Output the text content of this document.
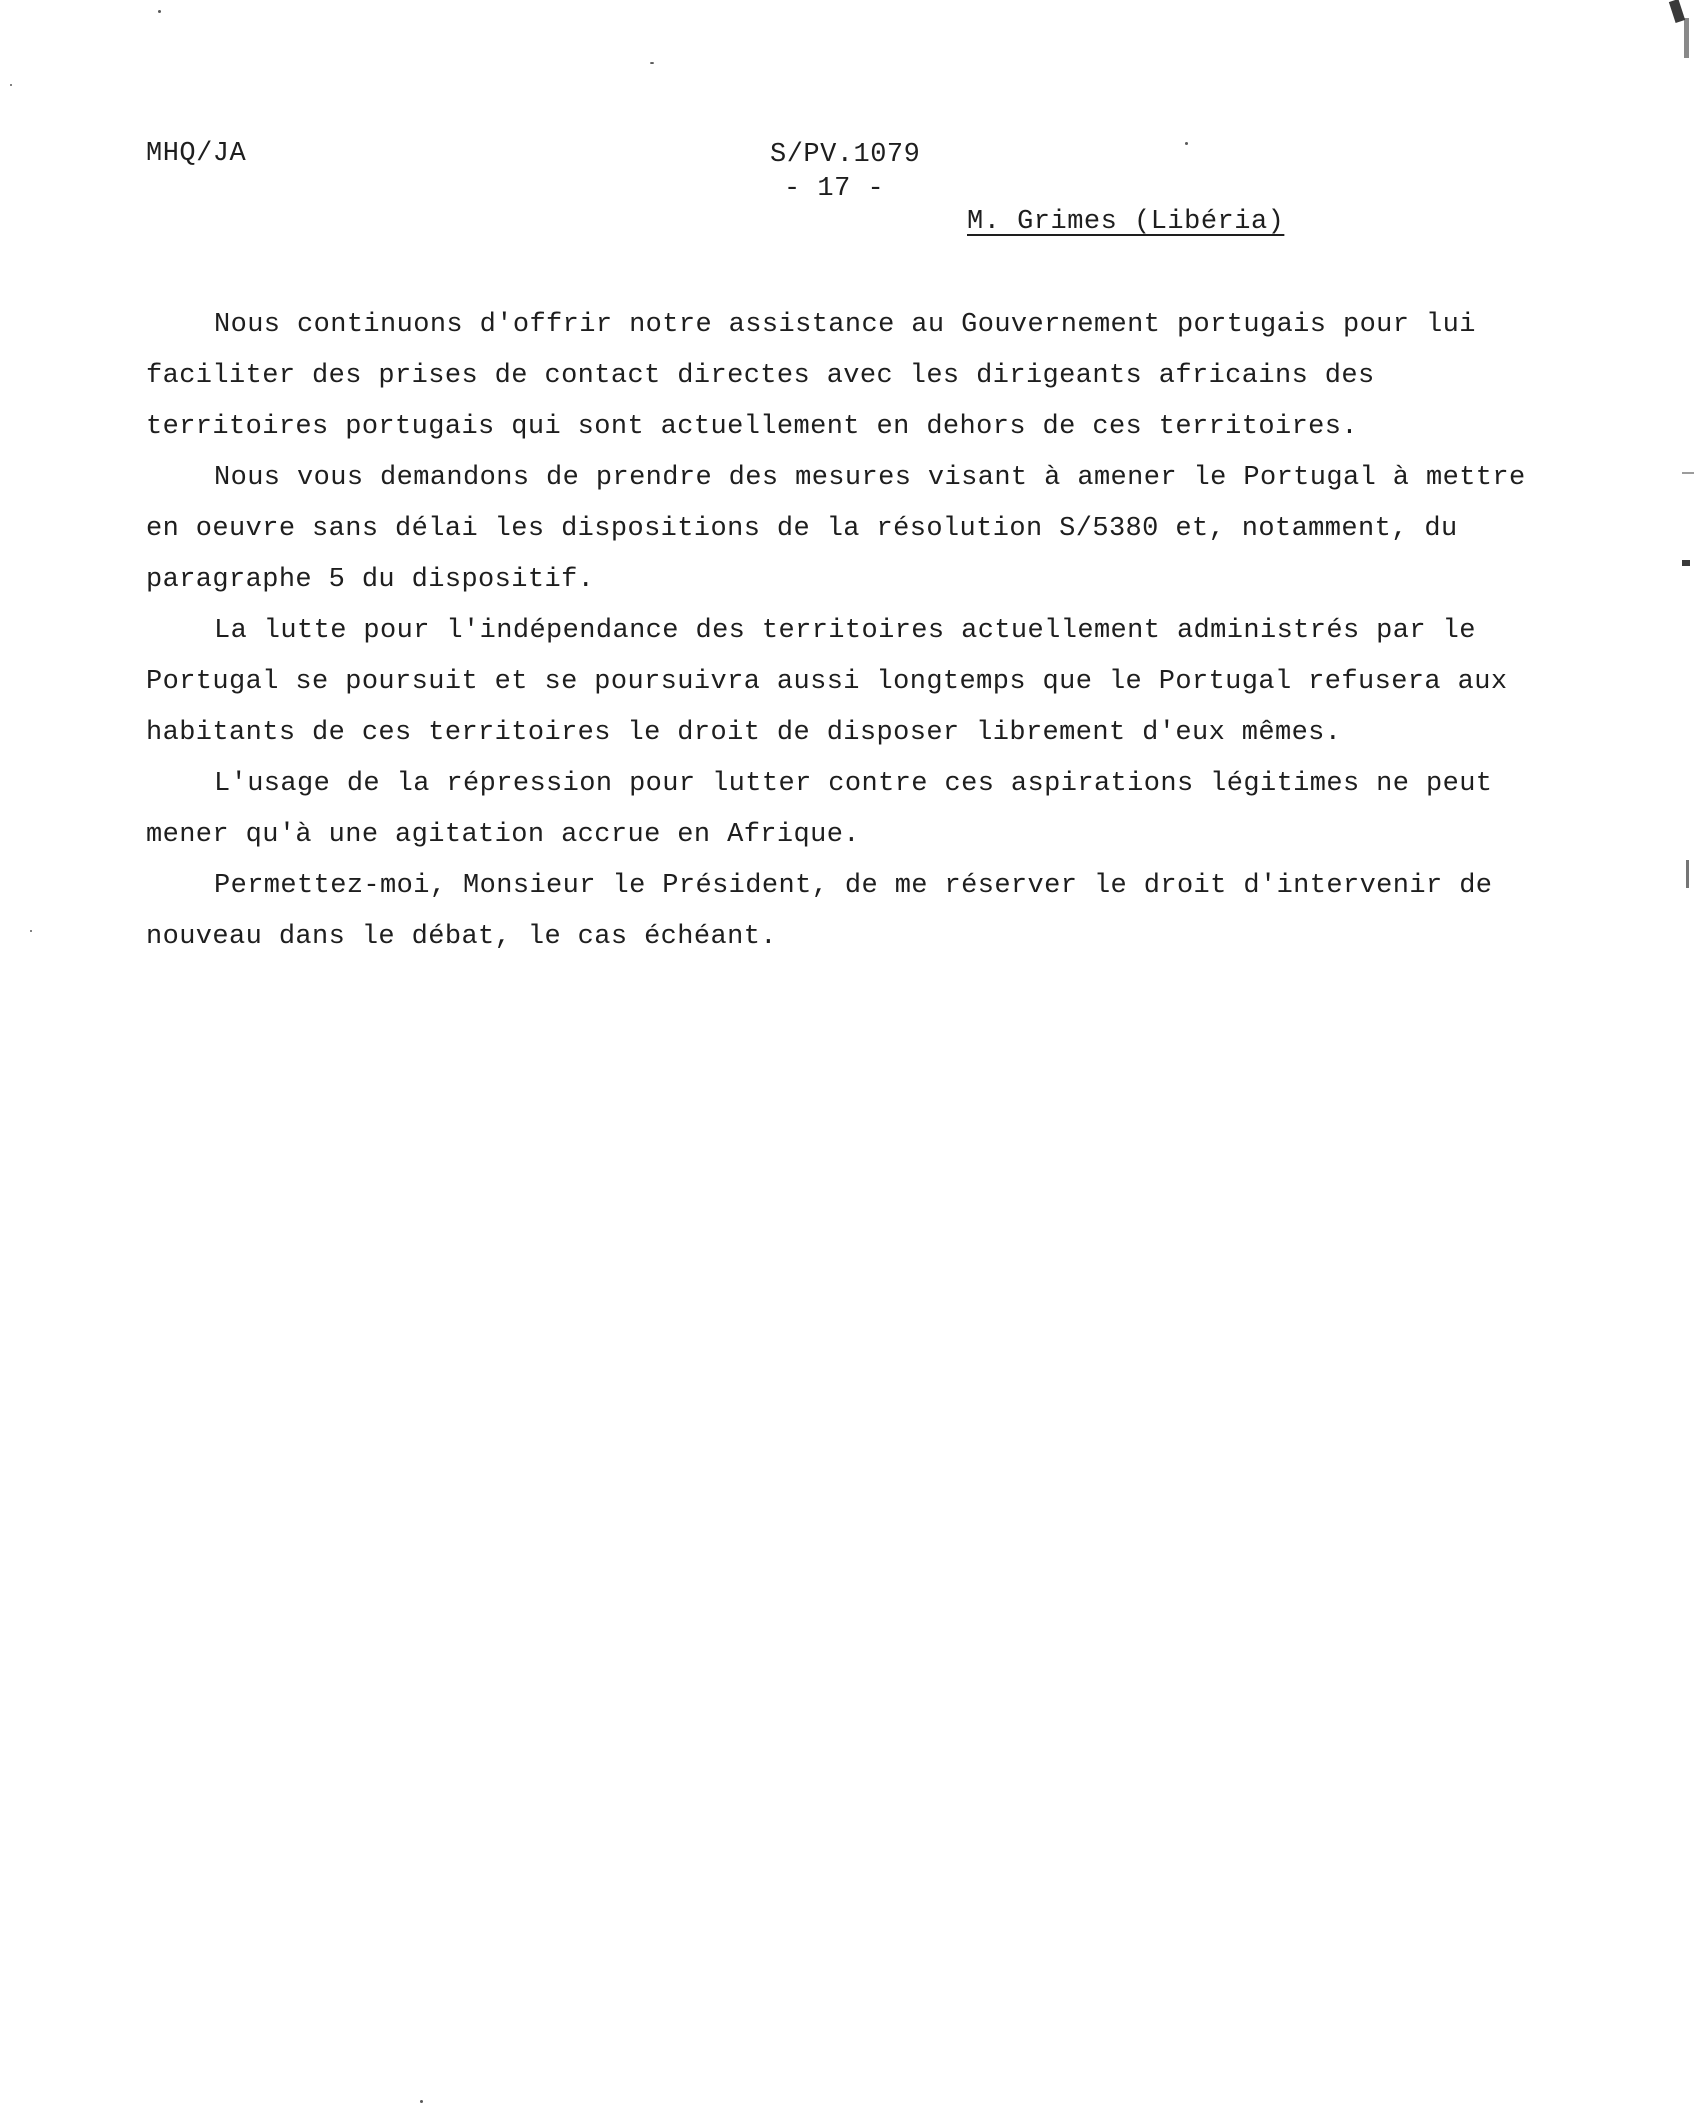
MHQ/JA	S/PV.1079
- 17 -
M. Grimes (Libéria)

Nous continuons d'offrir notre assistance au Gouvernement portugais pour lui
faciliter des prises de contact directes avec les dirigeants africains des
territoires portugais qui sont actuellement en dehors de ces territoires.

Nous vous demandons de prendre des mesures visant à amener le Portugal à mettre
en oeuvre sans délai les dispositions de la résolution S/5380 et, notamment, du
paragraphe 5 du dispositif.

La lutte pour l'indépendance des territoires actuellement administrés par le
Portugal se poursuit et se poursuivra aussi longtemps que le Portugal refusera aux
habitants de ces territoires le droit de disposer librement d'eux mêmes.

L'usage de la répression pour lutter contre ces aspirations légitimes ne peut
mener qu'à une agitation accrue en Afrique.

Permettez-moi, Monsieur le Président, de me réserver le droit d'intervenir de
nouveau dans le débat, le cas échéant.
